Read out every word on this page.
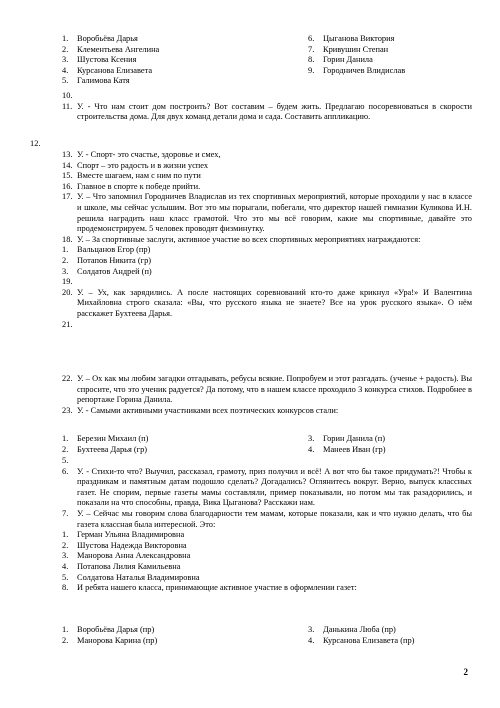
1.	Воробьёва Дарья
2.	Клементьева Ангелина
3.	Шустова Ксения
4.	Курсанова Елизавета
5.	Галимова Катя
6.	Цыганова Виктория
7.	Кривушин Степан
8.	Горин Данила
9.	Городничев Влидислав
10.
11. У. - Что нам стоит дом построить? Вот составим – будем жить. Предлагаю посоревноваться в скорости строительства дома. Для двух команд детали дома и сада. Составить аппликацию.
12.
13. У. - Спорт- это счастье, здоровье и смех,
14. Спорт – это радость и в жизни успех
15. Вместе шагаем, нам с ним по пути
16. Главное в спорте к победе прийти.
17. У. – Что запомнил Городничев Владислав из тех спортивных мероприятий, которые проходили у нас в классе и школе, мы сейчас услышим. Вот это мы порыгали, побегали, что директор нашей гимназии Куликова И.Н. решила наградить наш класс грамотой. Что это мы всё говорим, какие мы спортивные, давайте это продемонстрируем. 5 человек проводят физминутку.
18. У. – За спортивные заслуги, активное участие во всех спортивных мероприятиях награждаются:
1.	Вальцанов Егор (пр)
2.	Потапов Никита (гр)
3.	Солдатов Андрей (п)
19.
20. У. – Ух, как зарядились. А после настоящих соревнований кто-то даже крикнул «Ура!» И Валентина Михайловна строго сказала: «Вы, что русского языка не знаете? Все на урок русского языка». О нём расскажет Бухтеева Дарья.
21.
22. У. – Ох как мы любим загадки отгадывать, ребусы всякие. Попробуем и этот разгадать. (ученье + радость). Вы спросите, что это ученик радуется? Да потому, что в нашем классе проходило 3 конкурса стихов. Подробнее в репортаже Горина Данила.
23. У. - Самыми активными участниками всех поэтических конкурсов стали:
1.	Березин Михаил (п)
2.	Бухтеева Дарья (гр)
3.	Горин Данила (п)
4.	Манеев Иван (гр)
5.
6.	У. - Стихи-то что? Выучил, рассказал, грамоту, приз получил и всё! А вот что бы такое придумать?! Чтобы к праздникам и памятным датам подошло сделать? Догадались? Оглянитесь вокруг. Верно, выпуск классных газет. Не спорим, первые газеты мамы составляли, пример показывали, но потом мы так разадорились, и показали на что способны, правда, Вика Цыганова? Расскажи нам.
7.	У. – Сейчас мы говорим слова благодарности тем мамам, которые показали, как и что нужно делать, что бы газета классная была интересной. Это:
1.	Герман Ульяна Владимировна
2.	Шустова Надежда Викторовна
3.	Манорова Анна Александровна
4.	Потапова Лилия Камильевна
5.	Солдатова Наталья Владимировна
8.	И ребята нашего класса, принимающие активное участие в оформлении газет:
1.	Воробьёва Дарья (пр)
2.	Манорова Карина (пр)
3.	Данькина Люба (пр)
4.	Курсанова Елизавета (пр)
2
